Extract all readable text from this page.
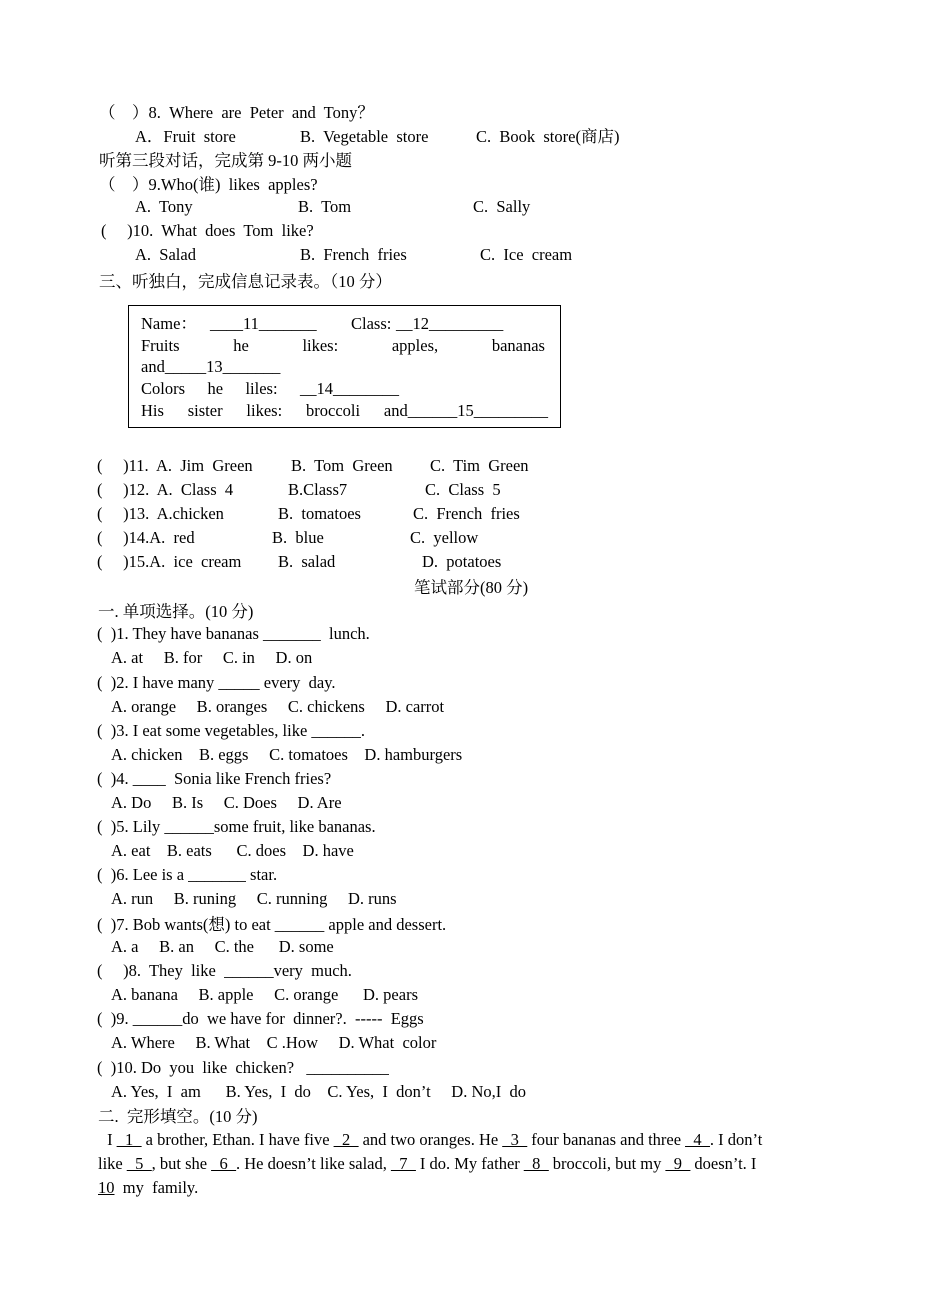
（    ）8.  Where  are  Peter  and  Tony？
A．Fruit  store	B.  Vegetable  store	C.  Book  store(商店)
听第三段对话，完成第 9-10 两小题
（    ）9.Who(谁)  likes  apples?
A.  Tony	B.  Tom	C.  Sally
(     )10.  What  does  Tom  like?
A.  Salad	B.  French  fries	C.  Ice  cream
三、听独白，完成信息记录表。（10 分）
Name： ____11_______ Class: __12_________
Fruits	he	likes:	apples,	bananas
and_____13_______
Colors he liles: __14________
His sister likes: broccoli and______15_________
(     )11.  A.  Jim  Green B.  Tom  Green C.  Tim  Green
(     )12.  A.  Class  4	B.Class7	C.  Class  5
(     )13.  A.chicken	B.  tomatoes	C.  French  fries
(     )14.A.  red	B.  blue	C.  yellow
(     )15.A.  ice  cream B.  salad	D.  potatoes
笔试部分(80 分)
一. 单项选择。(10 分)
(  )1. They have bananas _______  lunch.
A. at     B. for     C. in     D. on
(  )2. I have many _____ every  day.
A. orange     B. oranges     C. chickens     D. carrot
(  )3. I eat some vegetables, like ______.
A. chicken    B. eggs     C. tomatoes    D. hamburgers
(  )4. ____  Sonia like French fries?
A. Do     B. Is     C. Does     D. Are
(  )5. Lily ______some fruit, like bananas.
A. eat    B. eats      C. does    D. have
(  )6. Lee is a _______ star.
A. run     B. runing     C. running     D. runs
(  )7. Bob wants(想) to eat ______ apple and dessert.
A. a     B. an     C. the      D. some
(     )8.  They  like  ______very  much.
A. banana     B. apple     C. orange      D. pears
(  )9. ______do  we have for  dinner?.  -----  Eggs
A. Where     B. What    C .How     D. What  color
(  )10. Do  you  like  chicken?   __________
A. Yes,  I  am      B. Yes,  I  do    C. Yes,  I  don’t     D. No,I  do
二.  完形填空。(10 分)
I _1_ a brother, Ethan. I have five _2_ and two oranges. He _3_ four bananas and three _4_. I don’t
like _5_, but she _6_. He doesn’t like salad, _7_ I do. My father _8_ broccoli, but my _9_ doesn’t. I
10  my  family.
